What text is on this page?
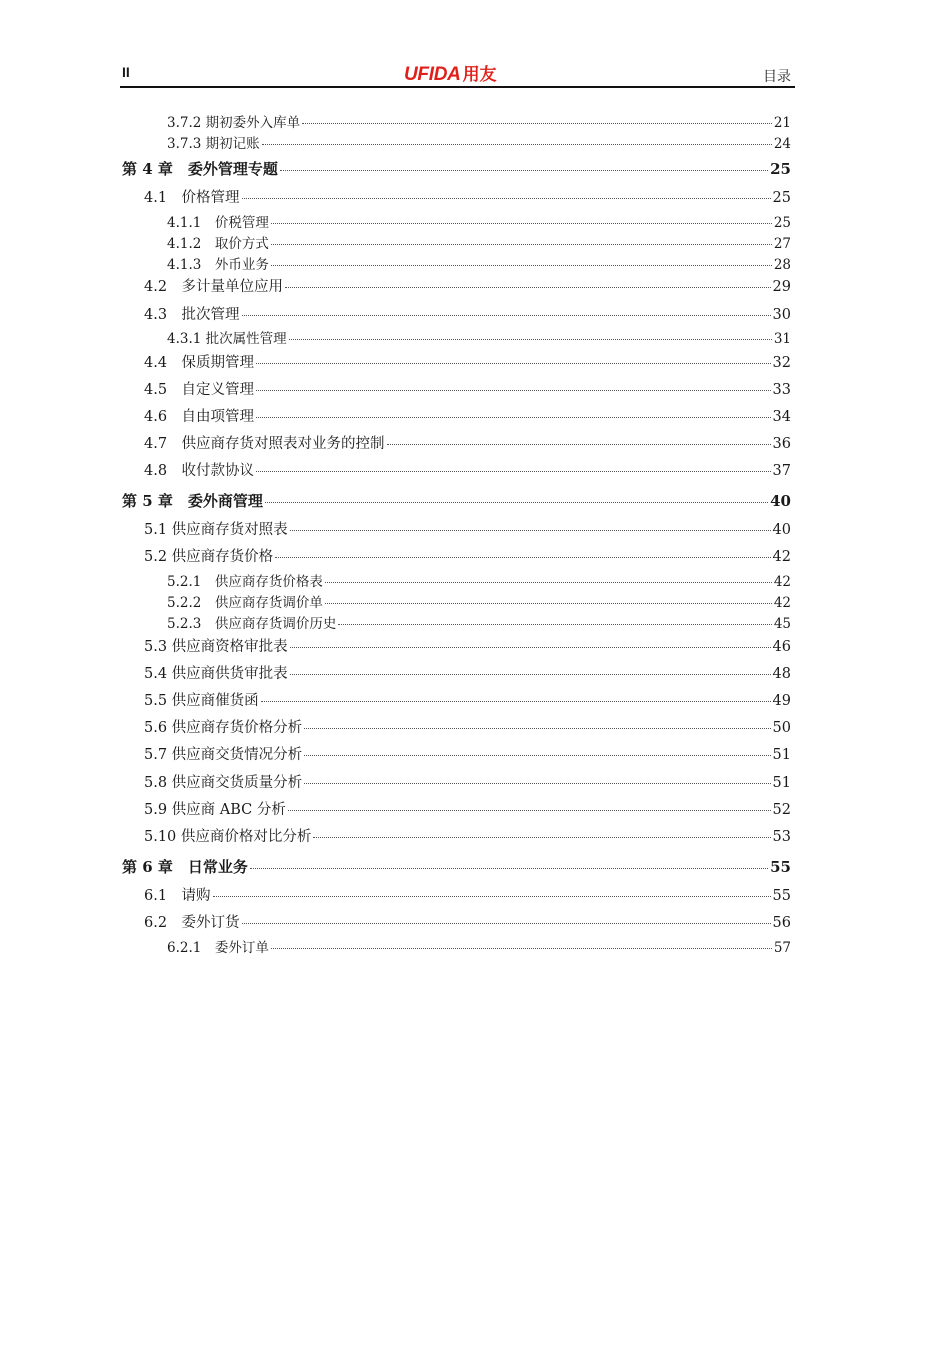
II	UFIDA 用友	目录
3.7.2 期初委外入库单	21
3.7.3 期初记账	24
第 4 章　委外管理专题	25
4.1　价格管理	25
4.1.1　价税管理	25
4.1.2　取价方式	27
4.1.3　外币业务	28
4.2　多计量单位应用	29
4.3　批次管理	30
4.3.1 批次属性管理	31
4.4　保质期管理	32
4.5　自定义管理	33
4.6　自由项管理	34
4.7　供应商存货对照表对业务的控制	36
4.8　收付款协议	37
第 5 章　委外商管理	40
5.1 供应商存货对照表	40
5.2 供应商存货价格	42
5.2.1　供应商存货价格表	42
5.2.2　供应商存货调价单	42
5.2.3　供应商存货调价历史	45
5.3 供应商资格审批表	46
5.4 供应商供货审批表	48
5.5 供应商催货函	49
5.6 供应商存货价格分析	50
5.7 供应商交货情况分析	51
5.8 供应商交货质量分析	51
5.9 供应商 ABC 分析	52
5.10 供应商价格对比分析	53
第 6 章　日常业务	55
6.1　请购	55
6.2　委外订货	56
6.2.1　委外订单	57
